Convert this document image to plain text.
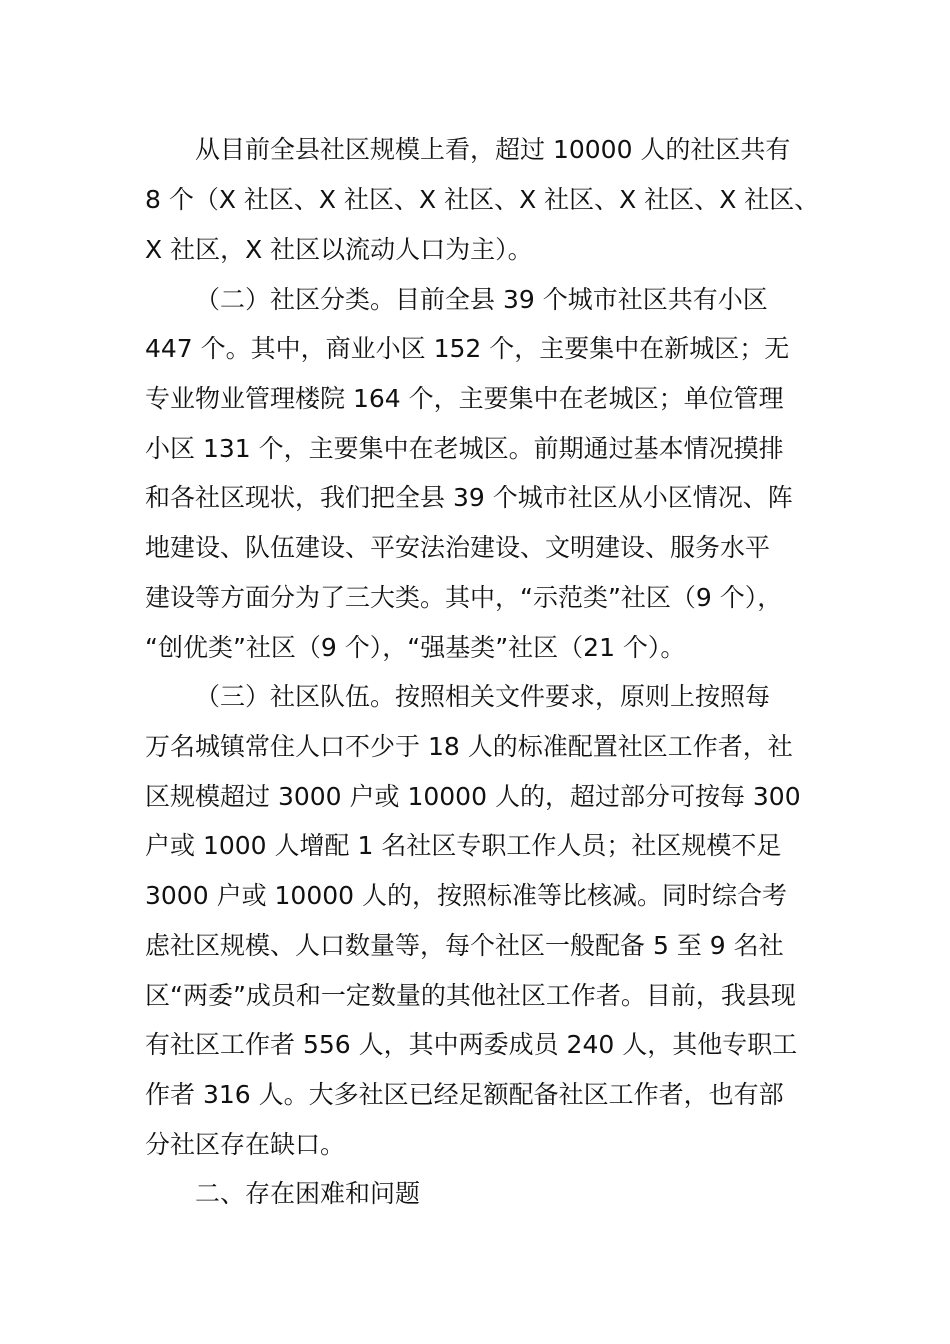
从目前全县社区规模上看，超过 10000 人的社区共有
8 个（X 社区、X 社区、X 社区、X 社区、X 社区、X 社区、
X 社区，X 社区以流动人口为主）。
（二）社区分类。目前全县 39 个城市社区共有小区
447 个。其中，商业小区 152 个，主要集中在新城区；无
专业物业管理楼院 164 个，主要集中在老城区；单位管理
小区 131 个，主要集中在老城区。前期通过基本情况摸排
和各社区现状，我们把全县 39 个城市社区从小区情况、阵
地建设、队伍建设、平安法治建设、文明建设、服务水平
建设等方面分为了三大类。其中，“示范类”社区（9 个），
“创优类”社区（9 个），“强基类”社区（21 个）。
（三）社区队伍。按照相关文件要求，原则上按照每
万名城镇常住人口不少于 18 人的标准配置社区工作者，社
区规模超过 3000 户或 10000 人的，超过部分可按每 300
户或 1000 人增配 1 名社区专职工作人员；社区规模不足
3000 户或 10000 人的，按照标准等比核减。同时综合考
虑社区规模、人口数量等，每个社区一般配备 5 至 9 名社
区“两委”成员和一定数量的其他社区工作者。目前，我县现
有社区工作者 556 人，其中两委成员 240 人，其他专职工
作者 316 人。大多社区已经足额配备社区工作者，也有部
分社区存在缺口。
二、存在困难和问题
